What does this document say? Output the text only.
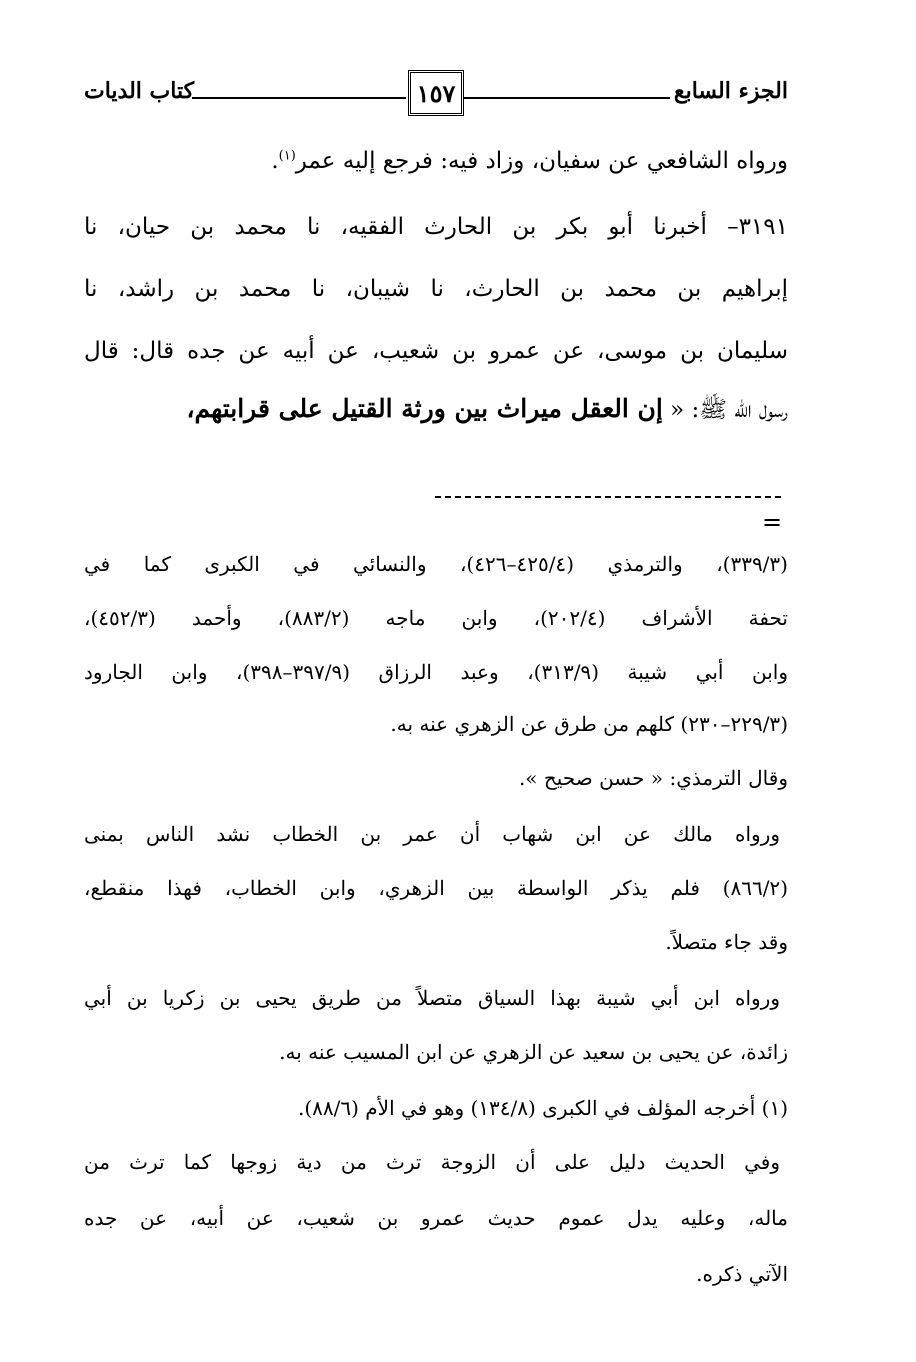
الجزء السابع
١٥٧
كتاب الديات
ورواه الشافعي عن سفيان، وزاد فيه: فرجع إليه عمر$^{(١)}$.
٣١٩١– أخبرنا أبو بكر بن الحارث الفقيه، نا محمد بن حيان، نا
إبراهيم بن محمد بن الحارث، نا شيبان، نا محمد بن راشد، نا
سليمان بن موسى، عن عمرو بن شعيب، عن أبيه عن جده قال: قال
رسول الله ﷺ: « إن العقل ميراث بين ورثة القتيل على قرابتهم،
=
(٣٣٩/٣)، والترمذي (٤٢٥/٤–٤٢٦)، والنسائي في الكبرى كما في
تحفة الأشراف (٢٠٢/٤)، وابن ماجه (٨٨٣/٢)، وأحمد (٤٥٢/٣)،
وابن أبي شيبة (٣١٣/٩)، وعبد الرزاق (٣٩٧/٩–٣٩٨)، وابن الجارود
(٢٢٩/٣–٢٣٠) كلهم من طرق عن الزهري عنه به.
وقال الترمذي: « حسن صحيح ».
ورواه مالك عن ابن شهاب أن عمر بن الخطاب نشد الناس بمنى
(٨٦٦/٢) فلم يذكر الواسطة بين الزهري، وابن الخطاب، فهذا منقطع،
وقد جاء متصلاً.
ورواه ابن أبي شيبة بهذا السياق متصلاً من طريق يحيى بن زكريا بن أبي
زائدة، عن يحيى بن سعيد عن الزهري عن ابن المسيب عنه به.
(١) أخرجه المؤلف في الكبرى (١٣٤/٨) وهو في الأم (٨٨/٦).
وفي الحديث دليل على أن الزوجة ترث من دية زوجها كما ترث من
ماله، وعليه يدل عموم حديث عمرو بن شعيب، عن أبيه، عن جده
الآتي ذكره.
